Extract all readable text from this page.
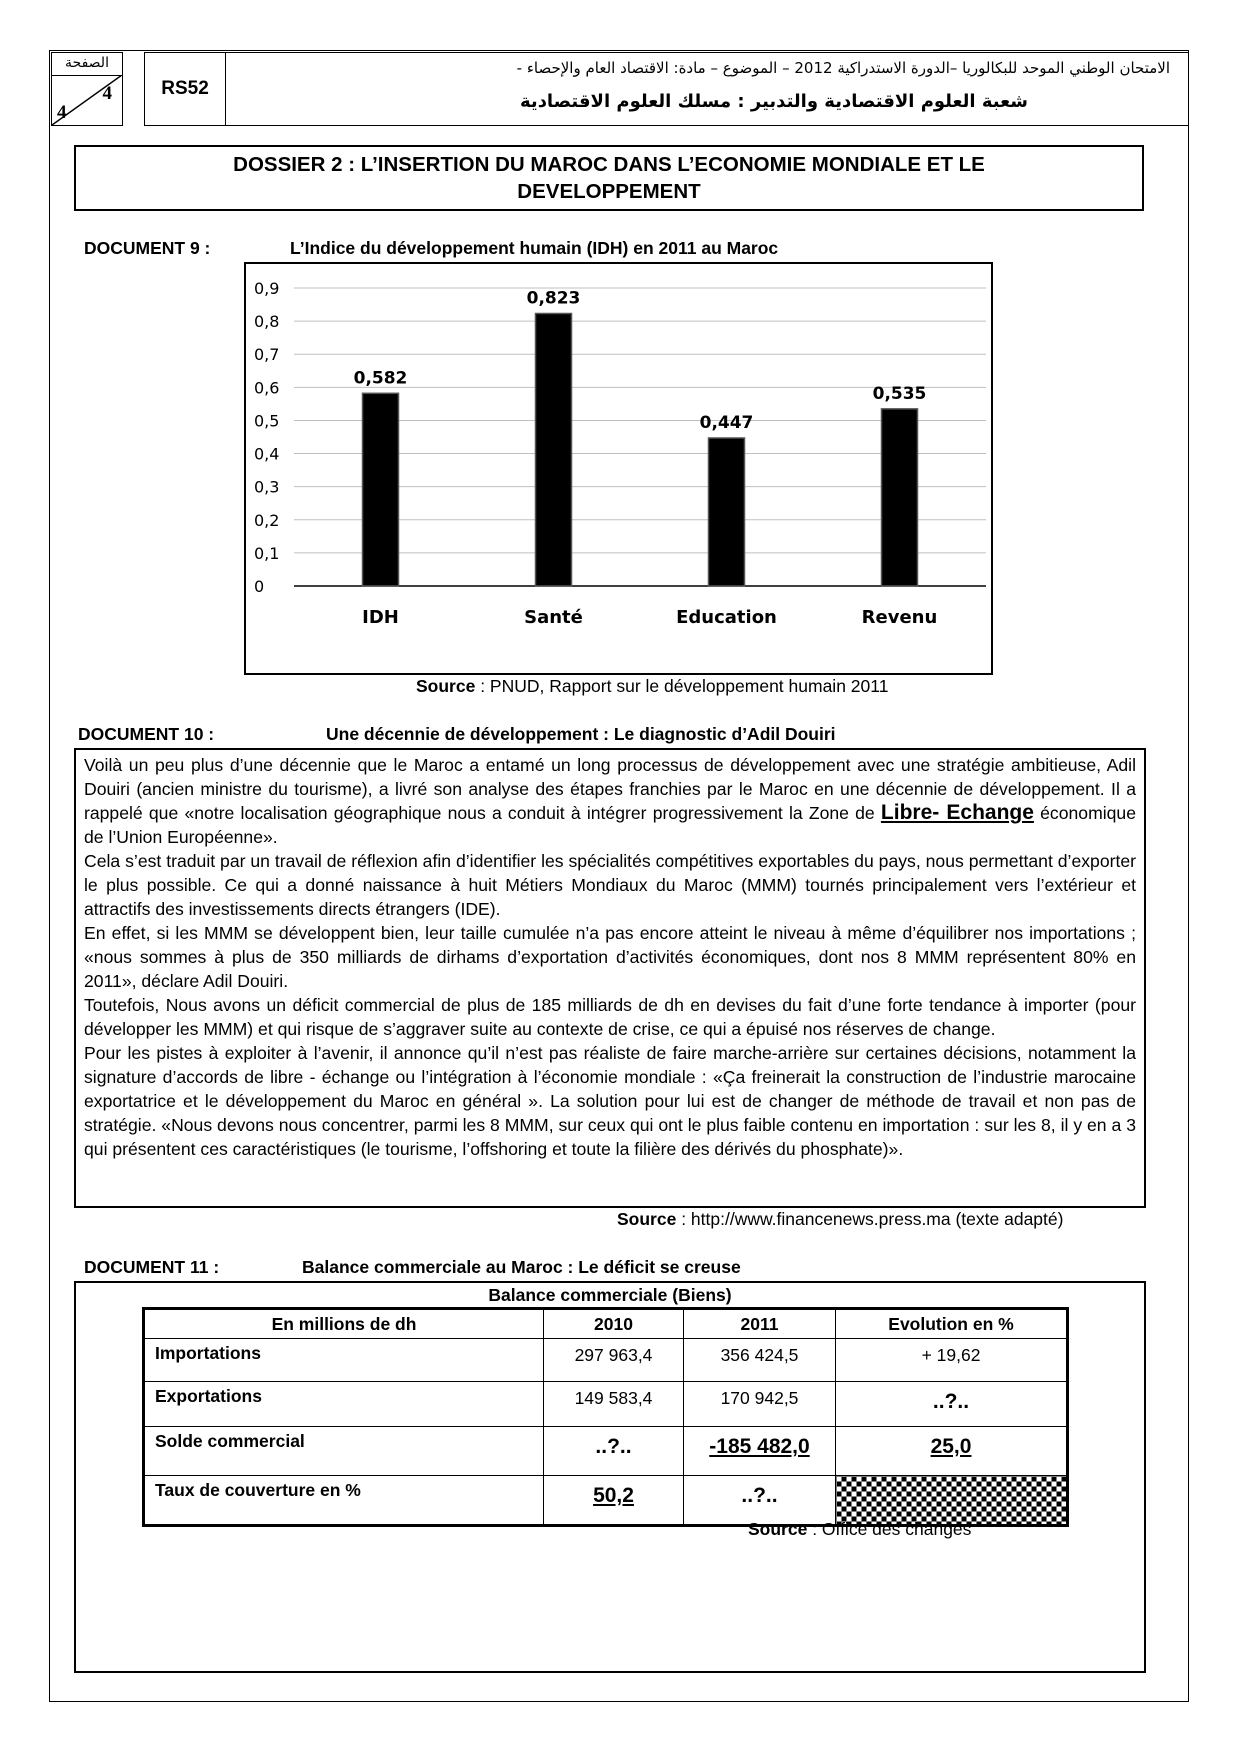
الصفحة
4
4
RS52
الامتحان الوطني الموحد للبكالوريا –الدورة الاستدراكية 2012 – الموضوع – مادة: الاقتصاد العام والإحصاء -
شعبة العلوم الاقتصادية والتدبير : مسلك العلوم الاقتصادية
DOSSIER 2 : L’INSERTION DU MAROC DANS L’ECONOMIE MONDIALE ET LE
DEVELOPPEMENT
DOCUMENT 9 :	L’Indice du développement humain (IDH) en 2011 au Maroc
0
0,1
0,2
0,3
0,4
0,5
0,6
0,7
0,8
0,9
0,582
IDH
0,823
Santé
0,447
Education
0,535
Revenu
Source : PNUD, Rapport sur le développement humain 2011
DOCUMENT 10 :	Une décennie de développement : Le diagnostic d’Adil Douiri

Voilà un peu plus d’une décennie que le Maroc a entamé un long processus de développement avec une stratégie ambitieuse, Adil Douiri (ancien ministre du tourisme), a livré son analyse des étapes franchies par le Maroc en une décennie de développement. Il a rappelé que «notre localisation géographique nous a conduit à intégrer progressivement la Zone de Libre- Echange économique de l’Union Européenne».

Cela s’est traduit par un travail de réflexion afin d’identifier les spécialités compétitives exportables du pays, nous permettant d’exporter le plus possible. Ce qui a donné naissance à huit Métiers Mondiaux du Maroc (MMM) tournés principalement vers l’extérieur et attractifs des investissements directs étrangers (IDE).

En effet, si les MMM se développent bien, leur taille cumulée n’a pas encore atteint le niveau à même d’équilibrer nos importations ; «nous sommes à plus de 350 milliards de dirhams d’exportation d’activités économiques, dont nos 8 MMM représentent 80% en 2011», déclare Adil Douiri.

Toutefois, Nous avons un déficit commercial de plus de 185 milliards de dh en devises du fait d’une forte tendance à importer (pour développer les MMM) et qui risque de s’aggraver suite au contexte de crise, ce qui a épuisé nos réserves de change.

Pour les pistes à exploiter à l’avenir, il annonce qu’il n’est pas réaliste de faire marche-arrière sur certaines décisions, notamment la signature d’accords de libre - échange ou l’intégration à l’économie mondiale : «Ça freinerait la construction de l’industrie marocaine exportatrice et le développement du Maroc en général ». La solution pour lui est de changer de méthode de travail et non pas de stratégie. «Nous devons nous concentrer, parmi les 8 MMM, sur ceux qui ont le plus faible contenu en importation : sur les 8, il y en a 3 qui présentent ces caractéristiques (le tourisme, l’offshoring et toute la filière des dérivés du phosphate)».

Source : http://www.financenews.press.ma (texte adapté)
DOCUMENT 11 :	Balance commerciale au Maroc : Le déficit se creuse
Balance commerciale (Biens)
En millions de dh	2010	2011	Evolution en %
Importations	297 963,4	356 424,5	+ 19,62
Exportations	149 583,4	170 942,5	..?..
Solde commercial	..?..	-185 482,0	25,0
Taux de couverture en %	50,2	..?..	
Source : Office des changes
